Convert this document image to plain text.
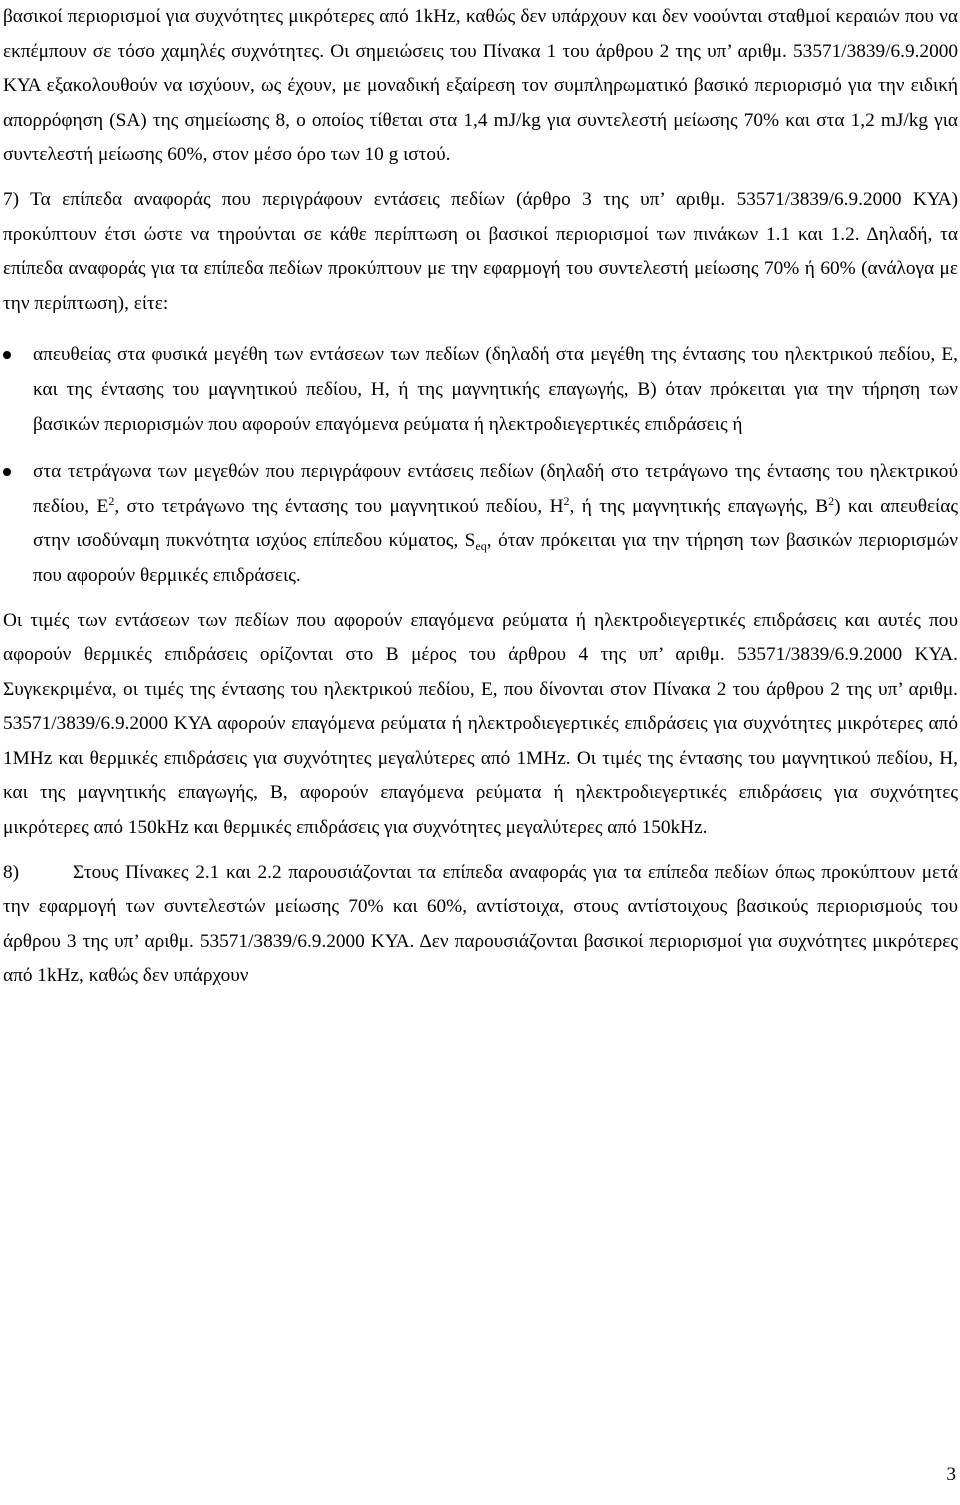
βασικοί περιορισμοί για συχνότητες μικρότερες από 1kHz, καθώς δεν υπάρχουν και δεν νοούνται σταθμοί κεραιών που να εκπέμπουν σε τόσο χαμηλές συχνότητες. Οι σημειώσεις του Πίνακα 1 του άρθρου 2 της υπ’ αριθμ. 53571/3839/6.9.2000 ΚΥΑ εξακολουθούν να ισχύουν, ως έχουν, με μοναδική εξαίρεση τον συμπληρωματικό βασικό περιορισμό για την ειδική απορρόφηση (SA) της σημείωσης 8, ο οποίος τίθεται στα 1,4 mJ/kg για συντελεστή μείωσης 70% και στα 1,2 mJ/kg για συντελεστή μείωσης 60%, στον μέσο όρο των 10 g ιστού.

7) Τα επίπεδα αναφοράς που περιγράφουν εντάσεις πεδίων (άρθρο 3 της υπ’ αριθμ. 53571/3839/6.9.2000 ΚΥΑ) προκύπτουν έτσι ώστε να τηρούνται σε κάθε περίπτωση οι βασικοί περιορισμοί των πινάκων 1.1 και 1.2. Δηλαδή, τα επίπεδα αναφοράς για τα επίπεδα πεδίων προκύπτουν με την εφαρμογή του συντελεστή μείωσης 70% ή 60% (ανάλογα με την περίπτωση), είτε:

απευθείας στα φυσικά μεγέθη των εντάσεων των πεδίων (δηλαδή στα μεγέθη της έντασης του ηλεκτρικού πεδίου, Ε, και της έντασης του μαγνητικού πεδίου, Η, ή της μαγνητικής επαγωγής, Β) όταν πρόκειται για την τήρηση των βασικών περιορισμών που αφορούν επαγόμενα ρεύματα ή ηλεκτροδιεγερτικές επιδράσεις ή
στα τετράγωνα των μεγεθών που περιγράφουν εντάσεις πεδίων (δηλαδή στο τετράγωνο της έντασης του ηλεκτρικού πεδίου, $E^2$, στο τετράγωνο της έντασης του μαγνητικού πεδίου, $H^2$, ή της μαγνητικής επαγωγής, $B^2$) και απευθείας στην ισοδύναμη πυκνότητα ισχύος επίπεδου κύματος, $S_{eq}$, όταν πρόκειται για την τήρηση των βασικών περιορισμών που αφορούν θερμικές επιδράσεις.

Οι τιμές των εντάσεων των πεδίων που αφορούν επαγόμενα ρεύματα ή ηλεκτροδιεγερτικές επιδράσεις και αυτές που αφορούν θερμικές επιδράσεις ορίζονται στο Β μέρος του άρθρου 4 της υπ’ αριθμ. 53571/3839/6.9.2000 ΚΥΑ. Συγκεκριμένα, οι τιμές της έντασης του ηλεκτρικού πεδίου, Ε, που δίνονται στον Πίνακα 2 του άρθρου 2 της υπ’ αριθμ. 53571/3839/6.9.2000 ΚΥΑ αφορούν επαγόμενα ρεύματα ή ηλεκτροδιεγερτικές επιδράσεις για συχνότητες μικρότερες από 1MHz και θερμικές επιδράσεις για συχνότητες μεγαλύτερες από 1MHz. Οι τιμές της έντασης του μαγνητικού πεδίου, Η, και της μαγνητικής επαγωγής, Β, αφορούν επαγόμενα ρεύματα ή ηλεκτροδιεγερτικές επιδράσεις για συχνότητες μικρότερες από 150kHz και θερμικές επιδράσεις για συχνότητες μεγαλύτερες από 150kHz.

8)	Στους Πίνακες 2.1 και 2.2 παρουσιάζονται τα επίπεδα αναφοράς για τα επίπεδα πεδίων όπως προκύπτουν μετά την εφαρμογή των συντελεστών μείωσης 70% και 60%, αντίστοιχα, στους αντίστοιχους βασικούς περιορισμούς του άρθρου 3 της υπ’ αριθμ. 53571/3839/6.9.2000 ΚΥΑ. Δεν παρουσιάζονται βασικοί περιορισμοί για συχνότητες μικρότερες από 1kHz, καθώς δεν υπάρχουν

3
